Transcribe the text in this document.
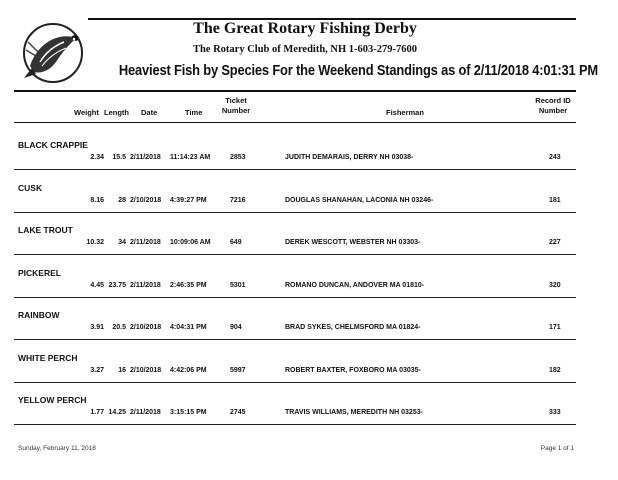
The Great Rotary Fishing Derby
The Rotary Club of Meredith, NH 1-603-279-7600
Heaviest Fish by Species For the Weekend Standings as of 2/11/2018 4:01:31 PM
Weight Length Date	Time
Ticket
Number	Fisherman
Record ID
Number
BLACK CRAPPIE
2.34	15.5 2/11/2018 11:14:23 AM	2853	JUDITH DEMARAIS, DERRY NH 03038-	243
CUSK
8.16	28 2/10/2018 4:39:27 PM	7216	DOUGLAS SHANAHAN, LACONIA NH 03246-	181
LAKE TROUT
10.32	34 2/11/2018 10:09:06 AM	649	DEREK WESCOTT, WEBSTER NH 03303-	227
PICKEREL
4.45 23.75 2/11/2018 2:46:35 PM	5301	ROMANO DUNCAN, ANDOVER MA 01810-	320
RAINBOW
3.91	20.5 2/10/2018 4:04:31 PM	904	BRAD SYKES, CHELMSFORD MA 01824-	171
WHITE PERCH
3.27	16 2/10/2018 4:42:06 PM	5997	ROBERT BAXTER, FOXBORO MA 03035-	182
YELLOW PERCH
1.77 14.25 2/11/2018 3:15:15 PM	2745	TRAVIS WILLIAMS, MEREDITH NH 03253-	333
Sunday, February 11, 2018	Page 1 of 1
